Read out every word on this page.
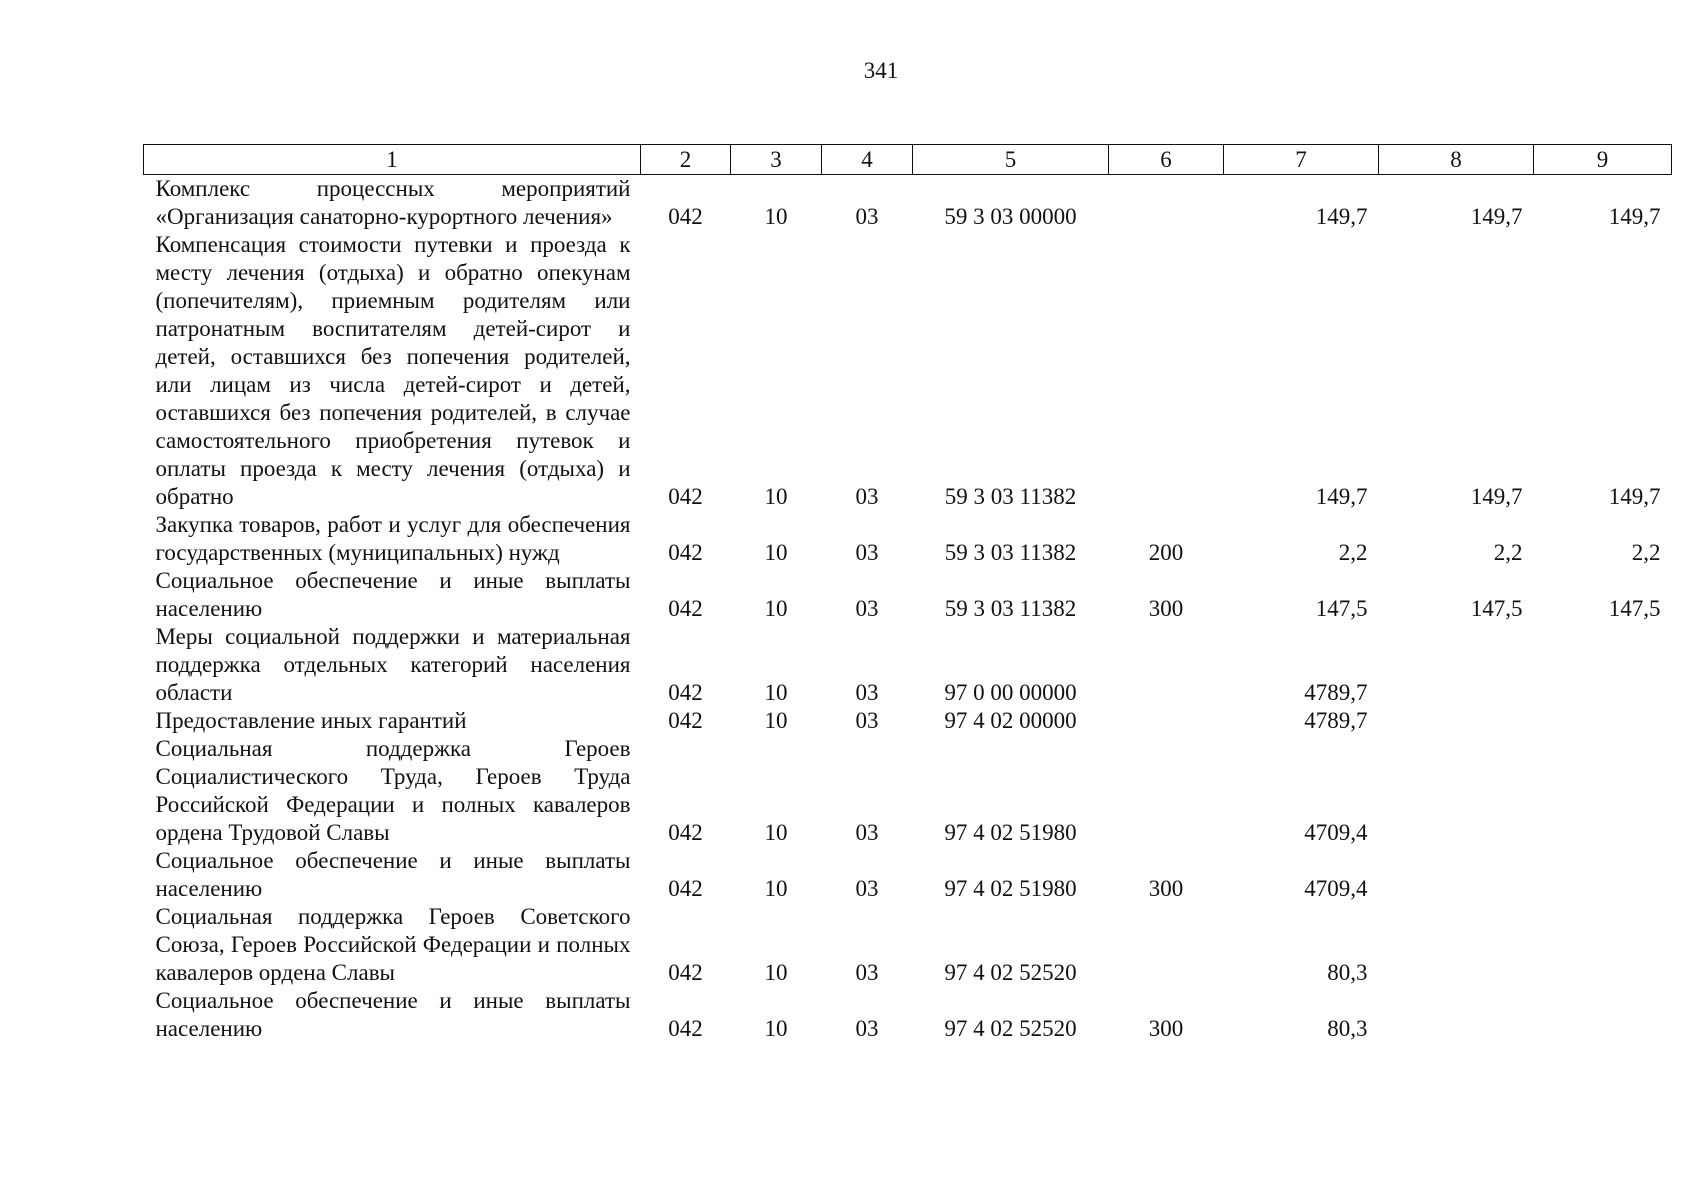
341
1	2	3	4	5	6	7	8	9
Комплекс процессных мероприятий «Организация санаторно-курортного лечения»	042	10	03	59 3 03 00000		149,7	149,7	149,7
Компенсация стоимости путевки и проезда к месту лечения (отдыха) и обратно опекунам (попечителям), приемным родителям или патронатным воспитателям детей-сирот и детей, оставшихся без попечения родителей, или лицам из числа детей-сирот и детей, оставшихся без попечения родителей, в случае самостоятельного приобретения путевок и оплаты проезда к месту лечения (отдыха) и обратно	042	10	03	59 3 03 11382		149,7	149,7	149,7
Закупка товаров, работ и услуг для обеспечения государственных (муниципальных) нужд	042	10	03	59 3 03 11382	200	2,2	2,2	2,2
Социальное обеспечение и иные выплаты населению	042	10	03	59 3 03 11382	300	147,5	147,5	147,5
Меры социальной поддержки и материальная поддержка отдельных категорий населения области	042	10	03	97 0 00 00000		4789,7		
Предоставление иных гарантий	042	10	03	97 4 02 00000		4789,7		
Социальная поддержка Героев Социалистического Труда, Героев Труда Российской Федерации и полных кавалеров ордена Трудовой Славы	042	10	03	97 4 02 51980		4709,4		
Социальное обеспечение и иные выплаты населению	042	10	03	97 4 02 51980	300	4709,4		
Социальная поддержка Героев Советского Союза, Героев Российской Федерации и полных кавалеров ордена Славы	042	10	03	97 4 02 52520		80,3		
Социальное обеспечение и иные выплаты населению	042	10	03	97 4 02 52520	300	80,3		
